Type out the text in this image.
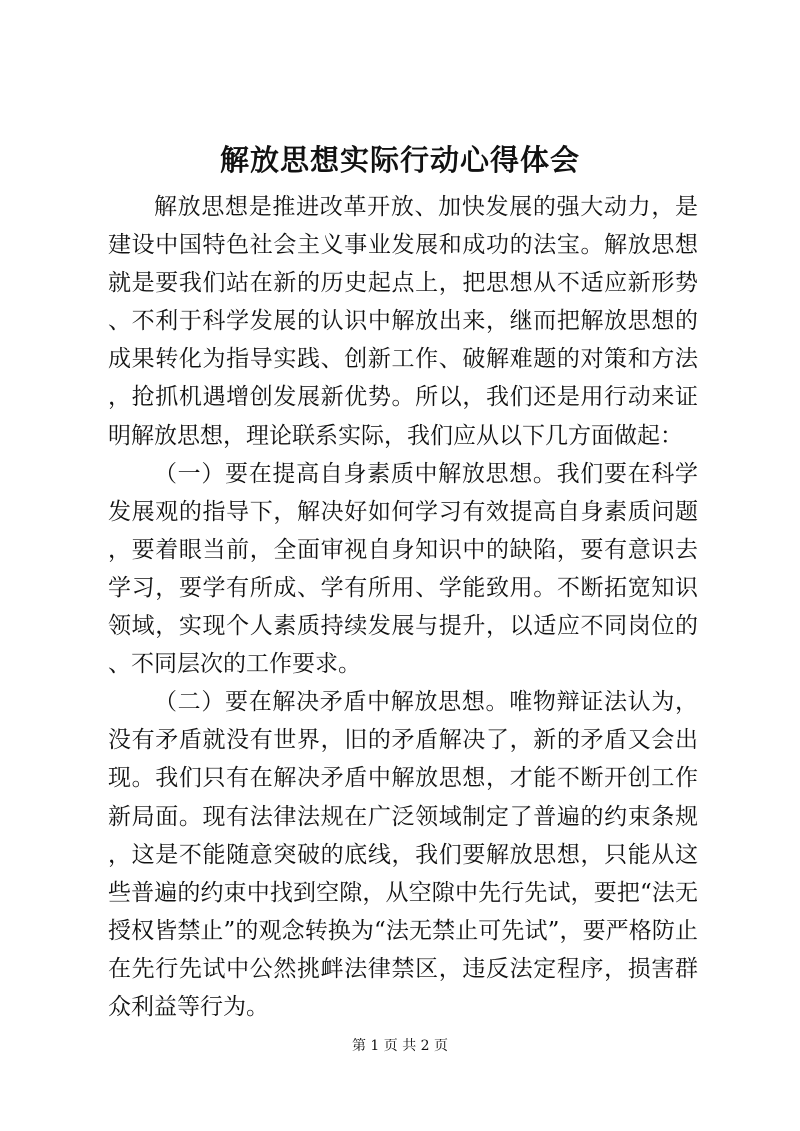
解放思想实际行动心得体会

解放思想是推进改革开放、加快发展的强大动力，是建设中国特色社会主义事业发展和成功的法宝。解放思想就是要我们站在新的历史起点上，把思想从不适应新形势、不利于科学发展的认识中解放出来，继而把解放思想的成果转化为指导实践、创新工作、破解难题的对策和方法，抢抓机遇增创发展新优势。所以，我们还是用行动来证明解放思想，理论联系实际，我们应从以下几方面做起：

（一）要在提高自身素质中解放思想。我们要在科学发展观的指导下，解决好如何学习有效提高自身素质问题，要着眼当前，全面审视自身知识中的缺陷，要有意识去学习，要学有所成、学有所用、学能致用。不断拓宽知识领域，实现个人素质持续发展与提升，以适应不同岗位的、不同层次的工作要求。

（二）要在解决矛盾中解放思想。唯物辩证法认为，没有矛盾就没有世界，旧的矛盾解决了，新的矛盾又会出现。我们只有在解决矛盾中解放思想，才能不断开创工作新局面。现有法律法规在广泛领域制定了普遍的约束条规，这是不能随意突破的底线，我们要解放思想，只能从这些普遍的约束中找到空隙，从空隙中先行先试，要把“法无授权皆禁止”的观念转换为“法无禁止可先试”，要严格防止在先行先试中公然挑衅法律禁区，违反法定程序，损害群众利益等行为。

第 1 页 共 2 页
